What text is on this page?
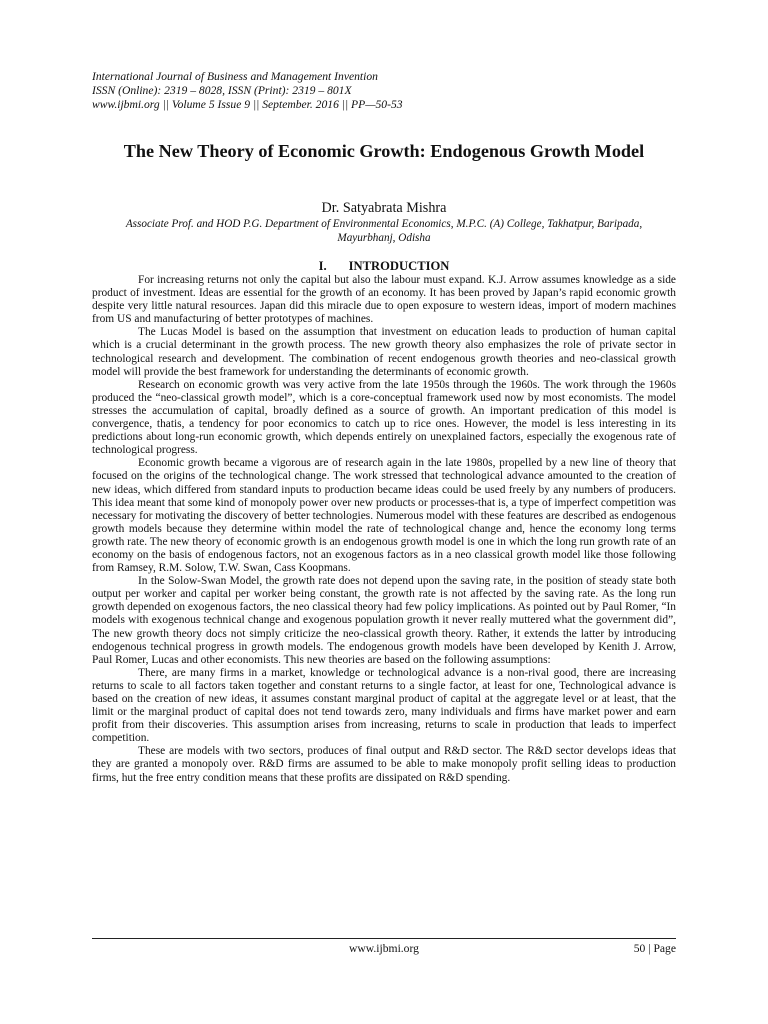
International Journal of Business and Management Invention
ISSN (Online): 2319 – 8028, ISSN (Print): 2319 – 801X
www.ijbmi.org || Volume 5 Issue 9 || September. 2016 || PP—50-53
The New Theory of Economic Growth: Endogenous Growth Model
Dr. Satyabrata Mishra
Associate Prof. and HOD P.G. Department of Environmental Economics, M.P.C. (A) College, Takhatpur, Baripada, Mayurbhanj, Odisha
I. INTRODUCTION

For increasing returns not only the capital but also the labour must expand. K.J. Arrow assumes knowledge as a side product of investment. Ideas are essential for the growth of an economy. It has been proved by Japan’s rapid economic growth despite very little natural resources. Japan did this miracle due to open exposure to western ideas, import of modern machines from US and manufacturing of better prototypes of machines.

The Lucas Model is based on the assumption that investment on education leads to production of human capital which is a crucial determinant in the growth process. The new growth theory also emphasizes the role of private sector in technological research and development. The combination of recent endogenous growth theories and neo-classical growth model will provide the best framework for understanding the determinants of economic growth.

Research on economic growth was very active from the late 1950s through the 1960s. The work through the 1960s produced the “neo-classical growth model”, which is a core-conceptual framework used now by most economists. The model stresses the accumulation of capital, broadly defined as a source of growth. An important predication of this model is convergence, thatis, a tendency for poor economics to catch up to rice ones. However, the model is less interesting in its predictions about long-run economic growth, which depends entirely on unexplained factors, especially the exogenous rate of technological progress.

Economic growth became a vigorous are of research again in the late 1980s, propelled by a new line of theory that focused on the origins of the technological change. The work stressed that technological advance amounted to the creation of new ideas, which differed from standard inputs to production became ideas could be used freely by any numbers of producers. This idea meant that some kind of monopoly power over new products or processes-that is, a type of imperfect competition was necessary for motivating the discovery of better technologies. Numerous model with these features are described as endogenous growth models because they determine within model the rate of technological change and, hence the economy long terms growth rate. The new theory of economic growth is an endogenous growth model is one in which the long run growth rate of an economy on the basis of endogenous factors, not an exogenous factors as in a neo classical growth model like those following from Ramsey, R.M. Solow, T.W. Swan, Cass Koopmans.

In the Solow-Swan Model, the growth rate does not depend upon the saving rate, in the position of steady state both output per worker and capital per worker being constant, the growth rate is not affected by the saving rate. As the long run growth depended on exogenous factors, the neo classical theory had few policy implications. As pointed out by Paul Romer, “In models with exogenous technical change and exogenous population growth it never really muttered what the government did”, The new growth theory docs not simply criticize the neo-classical growth theory. Rather, it extends the latter by introducing endogenous technical progress in growth models. The endogenous growth models have been developed by Kenith J. Arrow, Paul Romer, Lucas and other economists. This new theories are based on the following assumptions:

There, are many firms in a market, knowledge or technological advance is a non-rival good, there are increasing returns to scale to all factors taken together and constant returns to a single factor, at least for one, Technological advance is based on the creation of new ideas, it assumes constant marginal product of capital at the aggregate level or at least, that the limit or the marginal product of capital does not tend towards zero, many individuals and firms have market power and earn profit from their discoveries. This assumption arises from increasing, returns to scale in production that leads to imperfect competition.

These are models with two sectors, produces of final output and R&D sector. The R&D sector develops ideas that they are granted a monopoly over. R&D firms are assumed to be able to make monopoly profit selling ideas to production firms, hut the free entry condition means that these profits are dissipated on R&D spending.

www.ijbmi.org	50 | Page
